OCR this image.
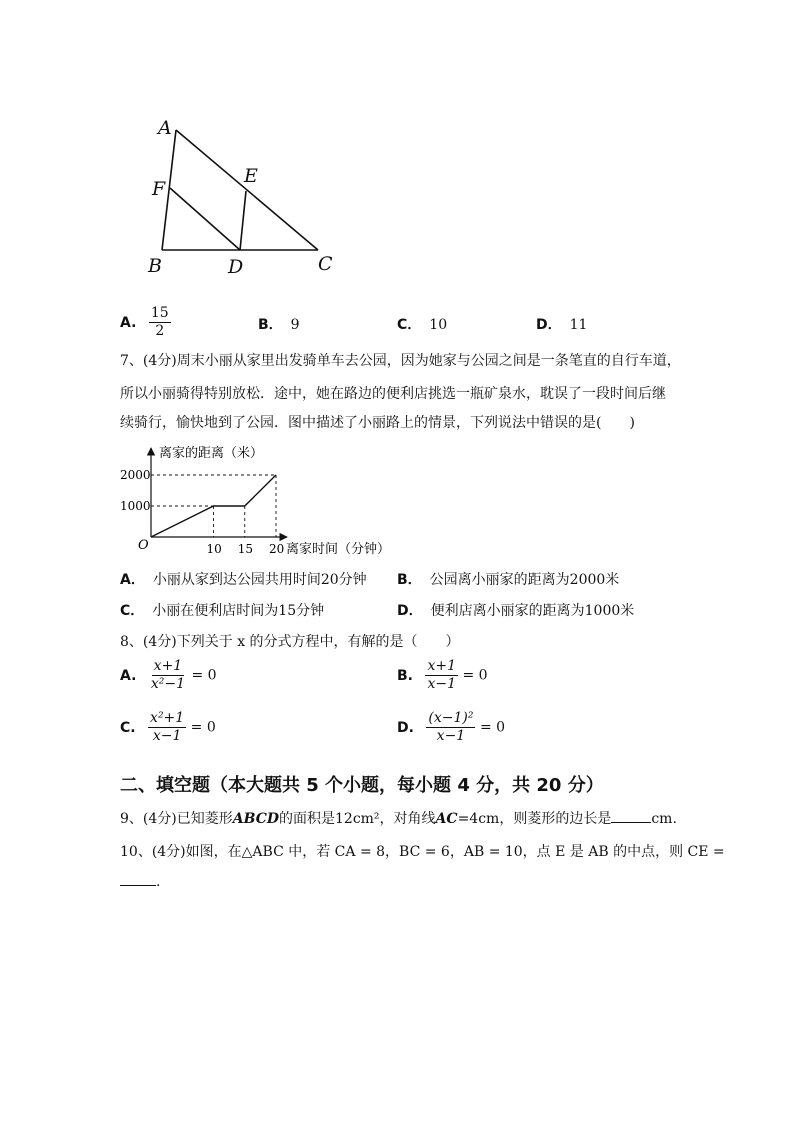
A
E
F
B	D	C
A. $\frac{15}{2}$	B． 9	C． 10	D． 11
7、(4分)周末小丽从家里出发骑单车去公园，因为她家与公园之间是一条笔直的自行车道，
所以小丽骑得特别放松．途中，她在路边的便利店挑选一瓶矿泉水，耽误了一段时间后继
续骑行，愉快地到了公园．图中描述了小丽路上的情景，下列说法中错误的是(　　)
离家的距离（米）
离家时间（分钟）
O	10 15 20
1000
2000
A． 小丽从家到达公园共用时间20分钟 B． 公园离小丽家的距离为2000米
C． 小丽在便利店时间为15分钟	D． 便利店离小丽家的距离为1000米
8、(4分)下列关于 x 的分式方程中，有解的是（　　）
A. $\frac{x+1}{\text{x²−1}} = 0$	B. $\frac{x+1}{x-1} = 0$
C. $\frac{\text{x²+1}}{x-1} = 0$	D. $\frac{\text{(x−1)²}}{x-1} = 0$
二、填空题（本大题共 5 个小题，每小题 4 分，共 20 分）
9、(4分)已知菱形ABCD的面积是12cm²，对角线AC=4cm，则菱形的边长是	cm.
10、(4分)如图，在△ABC 中，若 CA = 8，BC = 6，AB = 10，点 E 是 AB 的中点，则 CE =
.
